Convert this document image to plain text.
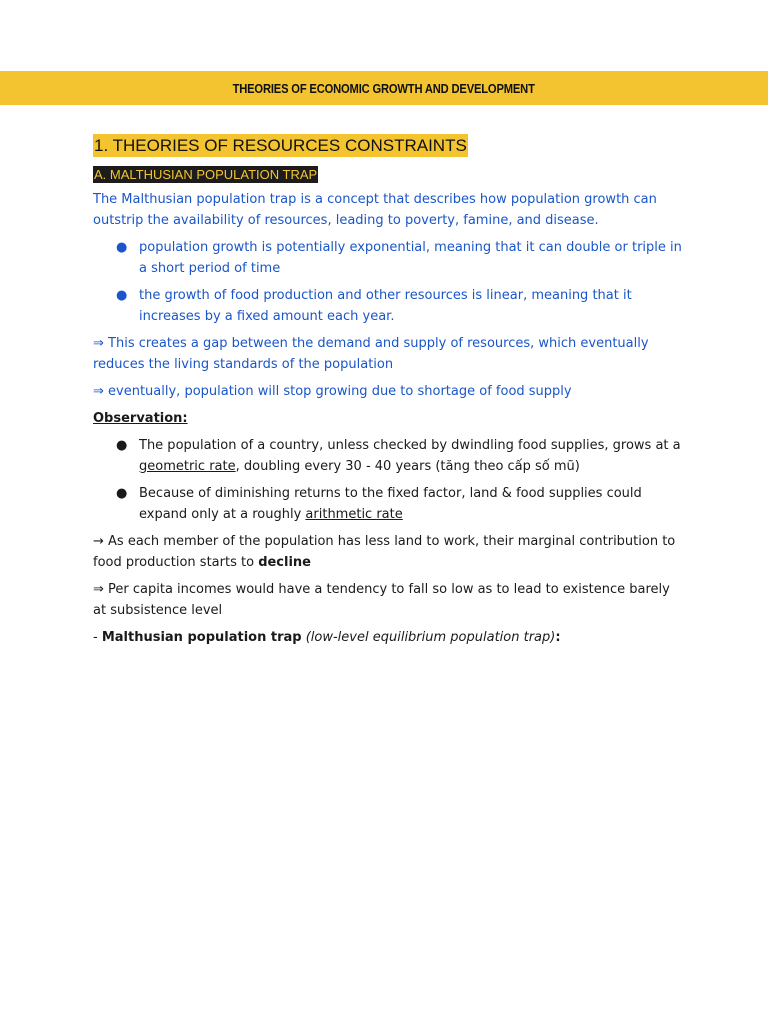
THEORIES OF ECONOMIC GROWTH AND DEVELOPMENT
1. THEORIES OF RESOURCES CONSTRAINTS
A. MALTHUSIAN POPULATION TRAP

The Malthusian population trap is a concept that describes how population growth can outstrip the availability of resources, leading to poverty, famine, and disease.

● population growth is potentially exponential, meaning that it can double or triple in a short period of time
● the growth of food production and other resources is linear, meaning that it increases by a fixed amount each year.

⇒ This creates a gap between the demand and supply of resources, which eventually reduces the living standards of the population

⇒ eventually, population will stop growing due to shortage of food supply

Observation:

● The population of a country, unless checked by dwindling food supplies, grows at a geometric rate, doubling every 30 - 40 years (tăng theo cấp số mũ)
● Because of diminishing returns to the fixed factor, land & food supplies could expand only at a roughly arithmetic rate

→ As each member of the population has less land to work, their marginal contribution to food production starts to decline

⇒ Per capita incomes would have a tendency to fall so low as to lead to existence barely at subsistence level

- Malthusian population trap (low-level equilibrium population trap):
